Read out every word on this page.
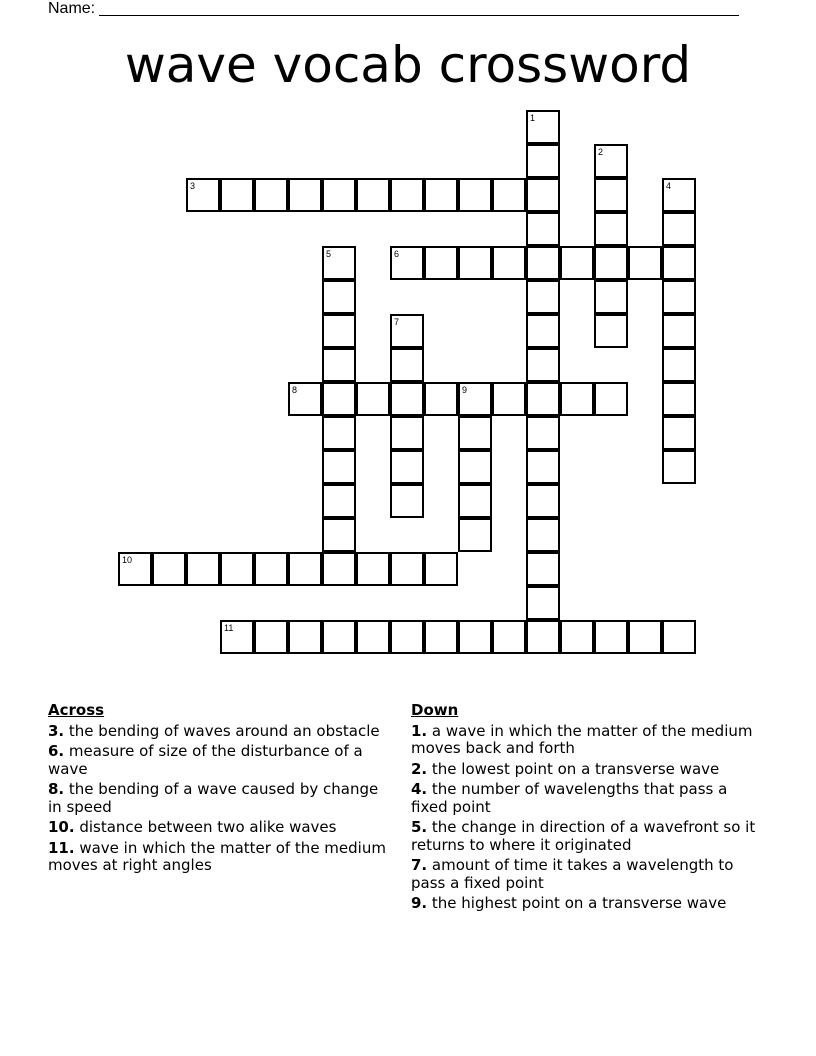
Name:
wave vocab crossword
1
2
3	4
5	6
7
8	9
10
11
Across
3. the bending of waves around an obstacle
6. measure of size of the disturbance of a wave
8. the bending of a wave caused by change in speed
10. distance between two alike waves
11. wave in which the matter of the medium moves at right angles
Down
1. a wave in which the matter of the medium moves back and forth
2. the lowest point on a transverse wave
4. the number of wavelengths that pass a fixed point
5. the change in direction of a wavefront so it returns to where it originated
7. amount of time it takes a wavelength to pass a fixed point
9. the highest point on a transverse wave
